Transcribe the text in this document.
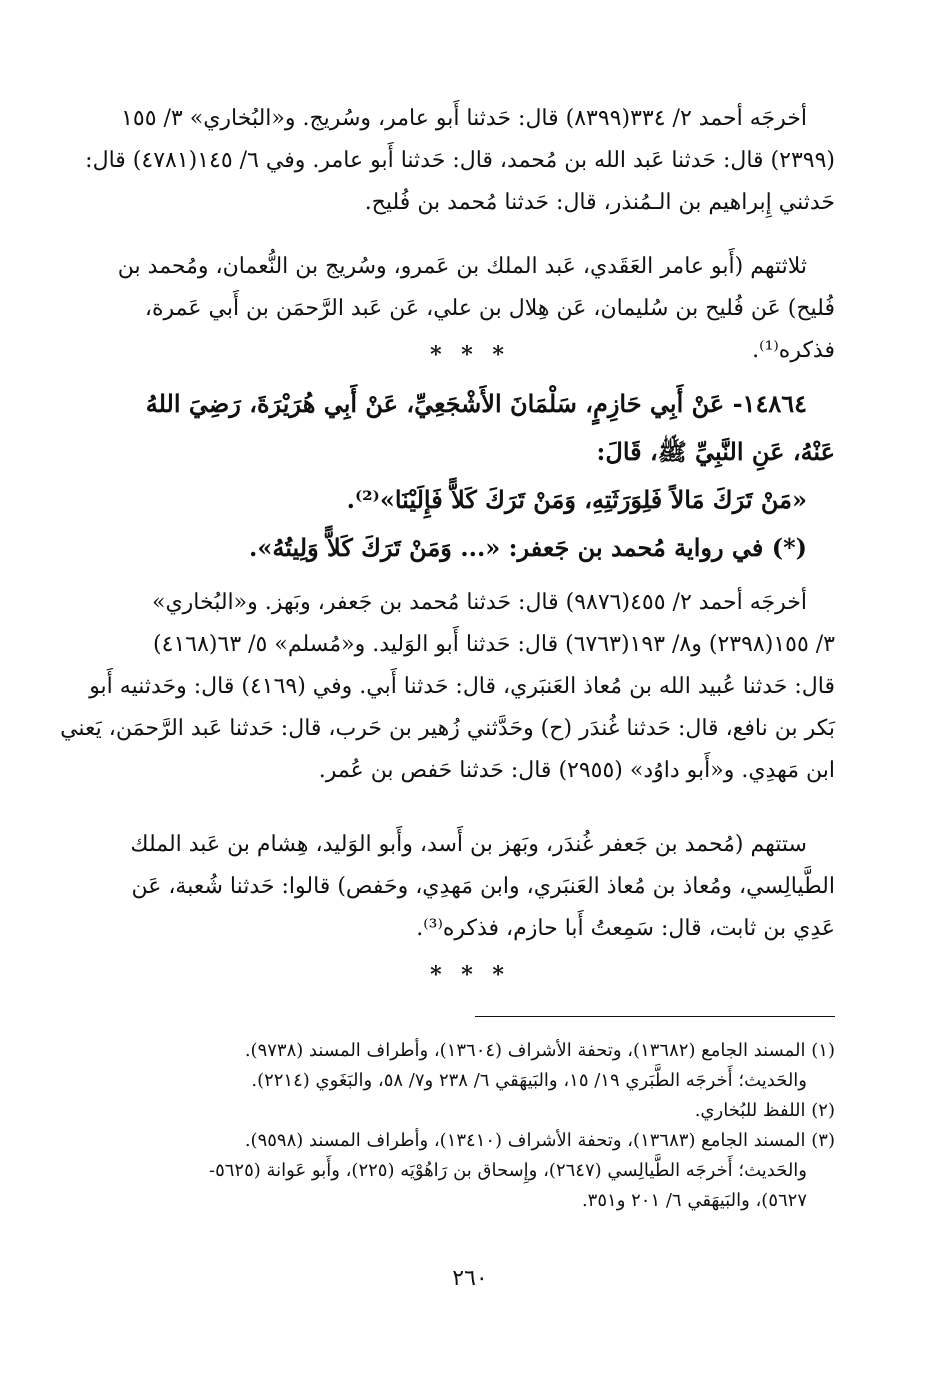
أخرجَه أحمد ٢/ ٣٣٤(٨٣٩٩) قال: حَدثنا أَبو عامر، وسُريج. و«البُخاري» ٣/ ١٥٥
(٢٣٩٩) قال: حَدثنا عَبد الله بن مُحمد، قال: حَدثنا أَبو عامر. وفي ٦/ ١٤٥(٤٧٨١) قال:
حَدثني إِبراهيم بن الـمُنذر، قال: حَدثنا مُحمد بن فُليح.
ثلاثتهم (أَبو عامر العَقَدي، عَبد الملك بن عَمرو، وسُريج بن النُّعمان، ومُحمد بن
فُليح) عَن فُليح بن سُليمان، عَن هِلال بن علي، عَن عَبد الرَّحمَن بن أَبي عَمرة،
فذكره⁽¹⁾.
* * *
١٤٨٦٤- عَنْ أَبِي حَازِمٍ، سَلْمَانَ الأَشْجَعِيِّ، عَنْ أَبِي هُرَيْرَةَ، رَضِيَ اللهُ
عَنْهُ، عَنِ النَّبِيِّ ﷺ، قَالَ:
«مَنْ تَرَكَ مَالاً فَلِوَرَثَتِهِ، وَمَنْ تَرَكَ كَلاًّ فَإِلَيْنَا»⁽²⁾.
(*) في رواية مُحمد بن جَعفر: «... وَمَنْ تَرَكَ كَلاًّ وَلِيتُهُ».
أخرجَه أحمد ٢/ ٤٥٥(٩٨٧٦) قال: حَدثنا مُحمد بن جَعفر، وبَهز. و«البُخاري»
٣/ ١٥٥(٢٣٩٨) و٨/ ١٩٣(٦٧٦٣) قال: حَدثنا أَبو الوَليد. و«مُسلم» ٥/ ٦٣(٤١٦٨)
قال: حَدثنا عُبيد الله بن مُعاذ العَنبَري، قال: حَدثنا أَبي. وفي (٤١٦٩) قال: وحَدثنيه أَبو
بَكر بن نافع، قال: حَدثنا غُندَر (ح) وحَدَّثني زُهير بن حَرب، قال: حَدثنا عَبد الرَّحمَن، يَعني
ابن مَهدِي. و«أَبو داوُد» (٢٩٥٥) قال: حَدثنا حَفص بن عُمر.
ستتهم (مُحمد بن جَعفر غُندَر، وبَهز بن أَسد، وأَبو الوَليد، هِشام بن عَبد الملك
الطَّيالِسي، ومُعاذ بن مُعاذ العَنبَري، وابن مَهدِي، وحَفص) قالوا: حَدثنا شُعبة، عَن
عَدِي بن ثابت، قال: سَمِعتُ أَبا حازم، فذكره⁽³⁾.
* * *
(١) المسند الجامع (١٣٦٨٢)، وتحفة الأشراف (١٣٦٠٤)، وأطراف المسند (٩٧٣٨).
والحَديث؛ أَخرجَه الطَّبَري ١٩/ ١٥، والبَيهَقي ٦/ ٢٣٨ و٧/ ٥٨، والبَغَوي (٢٢١٤).
(٢) اللفظ للبُخاري.
(٣) المسند الجامع (١٣٦٨٣)، وتحفة الأشراف (١٣٤١٠)، وأطراف المسند (٩٥٩٨).
والحَديث؛ أَخرجَه الطَّيالِسي (٢٦٤٧)، وإِسحاق بن رَاهُوْيَه (٢٢٥)، وأَبو عَوانة (٥٦٢٥-
٥٦٢٧)، والبَيهَقي ٦/ ٢٠١ و٣٥١.
٢٦٠
